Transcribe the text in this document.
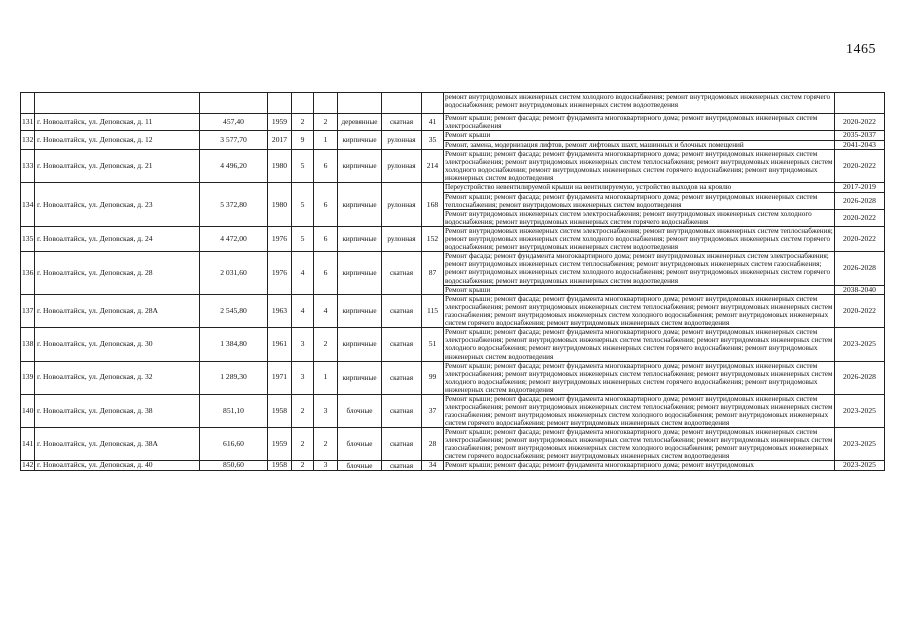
1465
									ремонт внутридомовых инженерных систем холодного водоснабжения; ремонт внутридомовых инженерных систем горячего водоснабжения; ремонт внутридомовых инженерных систем водоотведения	
131	г. Новоалтайск, ул. Деповская, д. 11	457,40	1959	2	2	деревянные	скатная	41	Ремонт крыши; ремонт фасада; ремонт фундамента многоквартирного дома; ремонт внутридомовых инженерных систем электроснабжения	2020-2022
132	г. Новоалтайск, ул. Деповская, д. 12	3 577,70	2017	9	1	кирпичные	рулонная	35	Ремонт крыши	2035-2037
									Ремонт, замена, модернизация лифтов, ремонт лифтовых шахт, машинных и блочных помещений	2041-2043
133	г. Новоалтайск, ул. Деповская, д. 21	4 496,20	1980	5	6	кирпичные	рулонная	214	Ремонт крыши; ремонт фасада; ремонт фундамента многоквартирного дома; ремонт внутридомовых инженерных систем электроснабжения; ремонт внутридомовых инженерных систем теплоснабжения; ремонт внутридомовых инженерных систем холодного водоснабжения; ремонт внутридомовых инженерных систем горячего водоснабжения; ремонт внутридомовых инженерных систем водоотведения	2020-2022
134	г. Новоалтайск, ул. Деповская, д. 23	5 372,80	1980	5	6	кирпичные	рулонная	168	Переустройство невентилируемой крыши на вентилируемую, устройство выходов на кровлю	2017-2019
									Ремонт крыши; ремонт фасада; ремонт фундамента многоквартирного дома; ремонт внутридомовых инженерных систем теплоснабжения; ремонт внутридомовых инженерных систем водоотведения	2026-2028
									Ремонт внутридомовых инженерных систем электроснабжения; ремонт внутридомовых инженерных систем холодного водоснабжения; ремонт внутридомовых инженерных систем горячего водоснабжения	2020-2022
135	г. Новоалтайск, ул. Деповская, д. 24	4 472,00	1976	5	6	кирпичные	рулонная	152	Ремонт внутридомовых инженерных систем электроснабжения; ремонт внутридомовых инженерных систем теплоснабжения; ремонт внутридомовых инженерных систем холодного водоснабжения; ремонт внутридомовых инженерных систем горячего водоснабжения; ремонт внутридомовых инженерных систем водоотведения	2020-2022
136	г. Новоалтайск, ул. Деповская, д. 28	2 031,60	1976	4	6	кирпичные	скатная	87	Ремонт фасада; ремонт фундамента многоквартирного дома; ремонт внутридомовых инженерных систем электроснабжения; ремонт внутридомовых инженерных систем теплоснабжения; ремонт внутридомовых инженерных систем газоснабжения; ремонт внутридомовых инженерных систем холодного водоснабжения; ремонт внутридомовых инженерных систем горячего водоснабжения; ремонт внутридомовых инженерных систем водоотведения	2026-2028
									Ремонт крыши	2038-2040
137	г. Новоалтайск, ул. Деповская, д. 28А	2 545,80	1963	4	4	кирпичные	скатная	115	Ремонт крыши; ремонт фасада; ремонт фундамента многоквартирного дома; ремонт внутридомовых инженерных систем электроснабжения; ремонт внутридомовых инженерных систем теплоснабжения; ремонт внутридомовых инженерных систем газоснабжения; ремонт внутридомовых инженерных систем холодного водоснабжения; ремонт внутридомовых инженерных систем горячего водоснабжения; ремонт внутридомовых инженерных систем водоотведения	2020-2022
138	г. Новоалтайск, ул. Деповская, д. 30	1 384,80	1961	3	2	кирпичные	скатная	51	Ремонт крыши; ремонт фасада; ремонт фундамента многоквартирного дома; ремонт внутридомовых инженерных систем электроснабжения; ремонт внутридомовых инженерных систем теплоснабжения; ремонт внутридомовых инженерных систем холодного водоснабжения; ремонт внутридомовых инженерных систем горячего водоснабжения; ремонт внутридомовых инженерных систем водоотведения	2023-2025
139	г. Новоалтайск, ул. Деповская, д. 32	1 289,30	1971	3	1	кирпичные	скатная	99	Ремонт крыши; ремонт фасада; ремонт фундамента многоквартирного дома; ремонт внутридомовых инженерных систем электроснабжения; ремонт внутридомовых инженерных систем теплоснабжения; ремонт внутридомовых инженерных систем холодного водоснабжения; ремонт внутридомовых инженерных систем горячего водоснабжения; ремонт внутридомовых инженерных систем водоотведения	2026-2028
140	г. Новоалтайск, ул. Деповская, д. 38	851,10	1958	2	3	блочные	скатная	37	Ремонт крыши; ремонт фасада; ремонт фундамента многоквартирного дома; ремонт внутридомовых инженерных систем электроснабжения; ремонт внутридомовых инженерных систем теплоснабжения; ремонт внутридомовых инженерных систем газоснабжения; ремонт внутридомовых инженерных систем холодного водоснабжения; ремонт внутридомовых инженерных систем горячего водоснабжения; ремонт внутридомовых инженерных систем водоотведения	2023-2025
141	г. Новоалтайск, ул. Деповская, д. 38А	616,60	1959	2	2	блочные	скатная	28	Ремонт крыши; ремонт фасада; ремонт фундамента многоквартирного дома; ремонт внутридомовых инженерных систем электроснабжения; ремонт внутридомовых инженерных систем теплоснабжения; ремонт внутридомовых инженерных систем газоснабжения; ремонт внутридомовых инженерных систем холодного водоснабжения; ремонт внутридомовых инженерных систем горячего водоснабжения; ремонт внутридомовых инженерных систем водоотведения	2023-2025
142	г. Новоалтайск, ул. Деповская, д. 40	850,60	1958	2	3	блочные	скатная	34	Ремонт крыши; ремонт фасада; ремонт фундамента многоквартирного дома; ремонт внутридомовых	2023-2025
